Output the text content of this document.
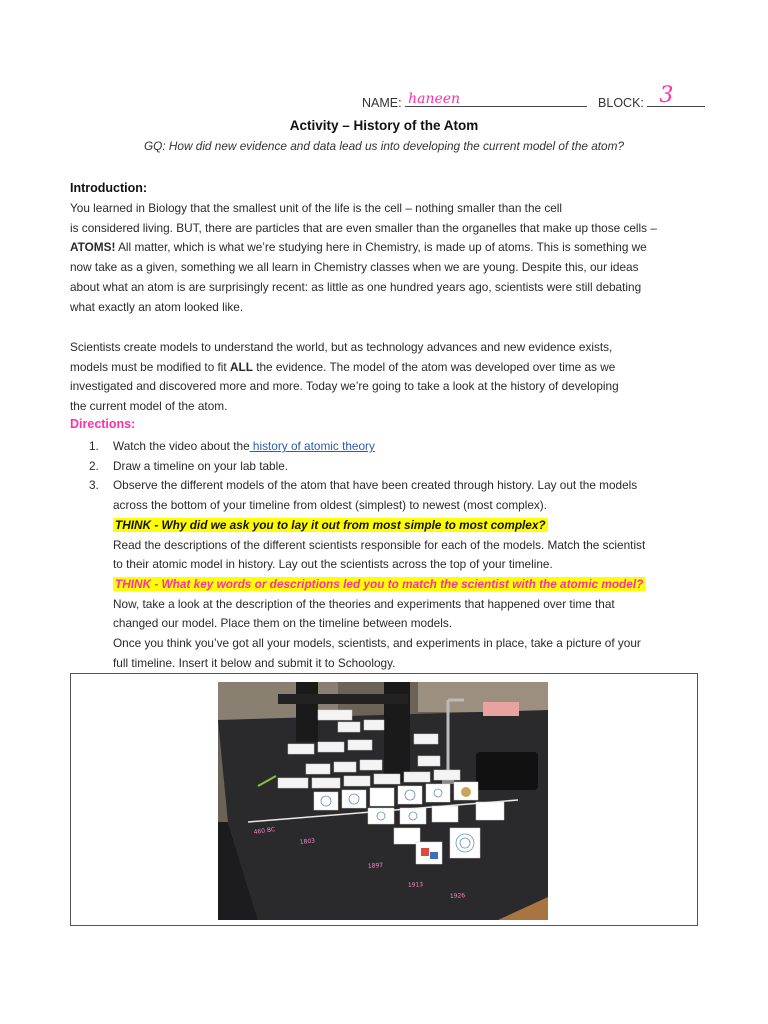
NAME: haneen	BLOCK: 3
Activity – History of the Atom
GQ: How did new evidence and data lead us into developing the current model of the atom?
Introduction:

You learned in Biology that the smallest unit of the life is the cell – nothing smaller than the cell

is considered living. BUT, there are particles that are even smaller than the organelles that make up those cells –

ATOMS! All matter, which is what we’re studying here in Chemistry, is made up of atoms. This is something we

now take as a given, something we all learn in Chemistry classes when we are young. Despite this, our ideas

about what an atom is are surprisingly recent: as little as one hundred years ago, scientists were still debating

what exactly an atom looked like.

Scientists create models to understand the world, but as technology advances and new evidence exists,

models must be modified to fit ALL the evidence. The model of the atom was developed over time as we

investigated and discovered more and more. Today we’re going to take a look at the history of developing

the current model of the atom.

Directions:
1. Watch the video about the history of atomic theory
2. Draw a timeline on your lab table.
3. Observe the different models of the atom that have been created through history. Lay out the models
across the bottom of your timeline from oldest (simplest) to newest (most complex).
THINK - Why did we ask you to lay it out from most simple to most complex?
Read the descriptions of the different scientists responsible for each of the models. Match the scientist
to their atomic model in history. Lay out the scientists across the top of your timeline.
THINK - What key words or descriptions led you to match the scientist with the atomic model?
Now, take a look at the description of the theories and experiments that happened over time that
changed our model. Place them on the timeline between models.
Once you think you’ve got all your models, scientists, and experiments in place, take a picture of your
full timeline. Insert it below and submit it to Schoology.
460 BC
1803
1897
1913
1926
